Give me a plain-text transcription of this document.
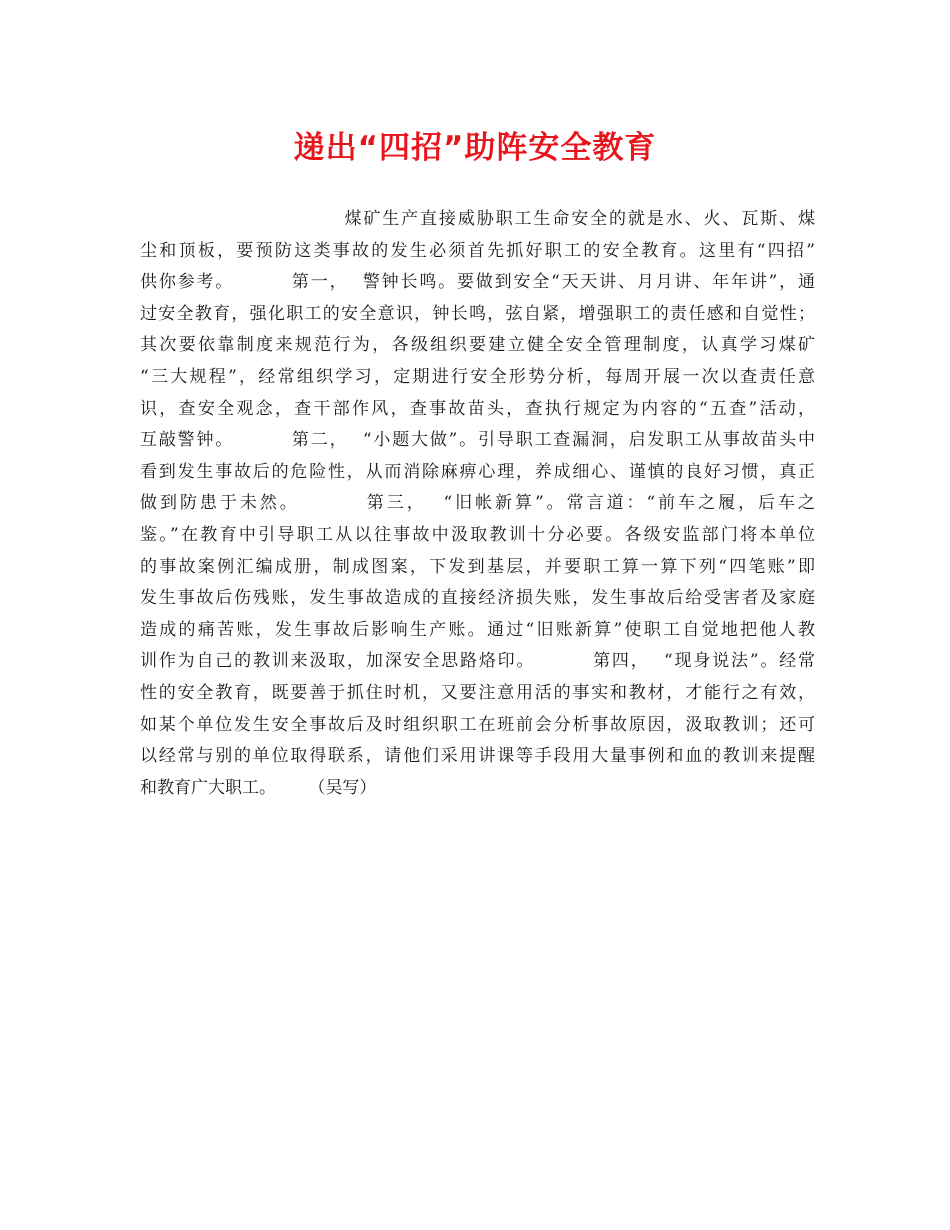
递出“四招”助阵安全教育
煤矿生产直接威胁职工生命安全的就是水、火、瓦斯、煤
尘和顶板，要预防这类事故的发生必须首先抓好职工的安全教育。这里有“四招”
供你参考。        第一，  警钟长鸣。要做到安全“天天讲、月月讲、年年讲”，通
过安全教育，强化职工的安全意识，钟长鸣，弦自紧，增强职工的责任感和自觉性；
其次要依靠制度来规范行为，各级组织要建立健全安全管理制度，认真学习煤矿
“三大规程”，经常组织学习，定期进行安全形势分析，每周开展一次以查责任意
识，查安全观念，查干部作风，查事故苗头，查执行规定为内容的“五查”活动，
互敲警钟。        第二，  “小题大做”。引导职工查漏洞，启发职工从事故苗头中
看到发生事故后的危险性，从而消除麻痹心理，养成细心、谨慎的良好习惯，真正
做到防患于未然。        第三，  “旧帐新算”。常言道：“前车之履，后车之
鉴。”在教育中引导职工从以往事故中汲取教训十分必要。各级安监部门将本单位
的事故案例汇编成册，制成图案，下发到基层，并要职工算一算下列“四笔账”即
发生事故后伤残账，发生事故造成的直接经济损失账，发生事故后给受害者及家庭
造成的痛苦账，发生事故后影响生产账。通过“旧账新算”使职工自觉地把他人教
训作为自己的教训来汲取，加深安全思路烙印。        第四，  “现身说法”。经常
性的安全教育，既要善于抓住时机，又要注意用活的事实和教材，才能行之有效，
如某个单位发生安全事故后及时组织职工在班前会分析事故原因，汲取教训；还可
以经常与别的单位取得联系，请他们采用讲课等手段用大量事例和血的教训来提醒
和教育广大职工。      （吴写）
